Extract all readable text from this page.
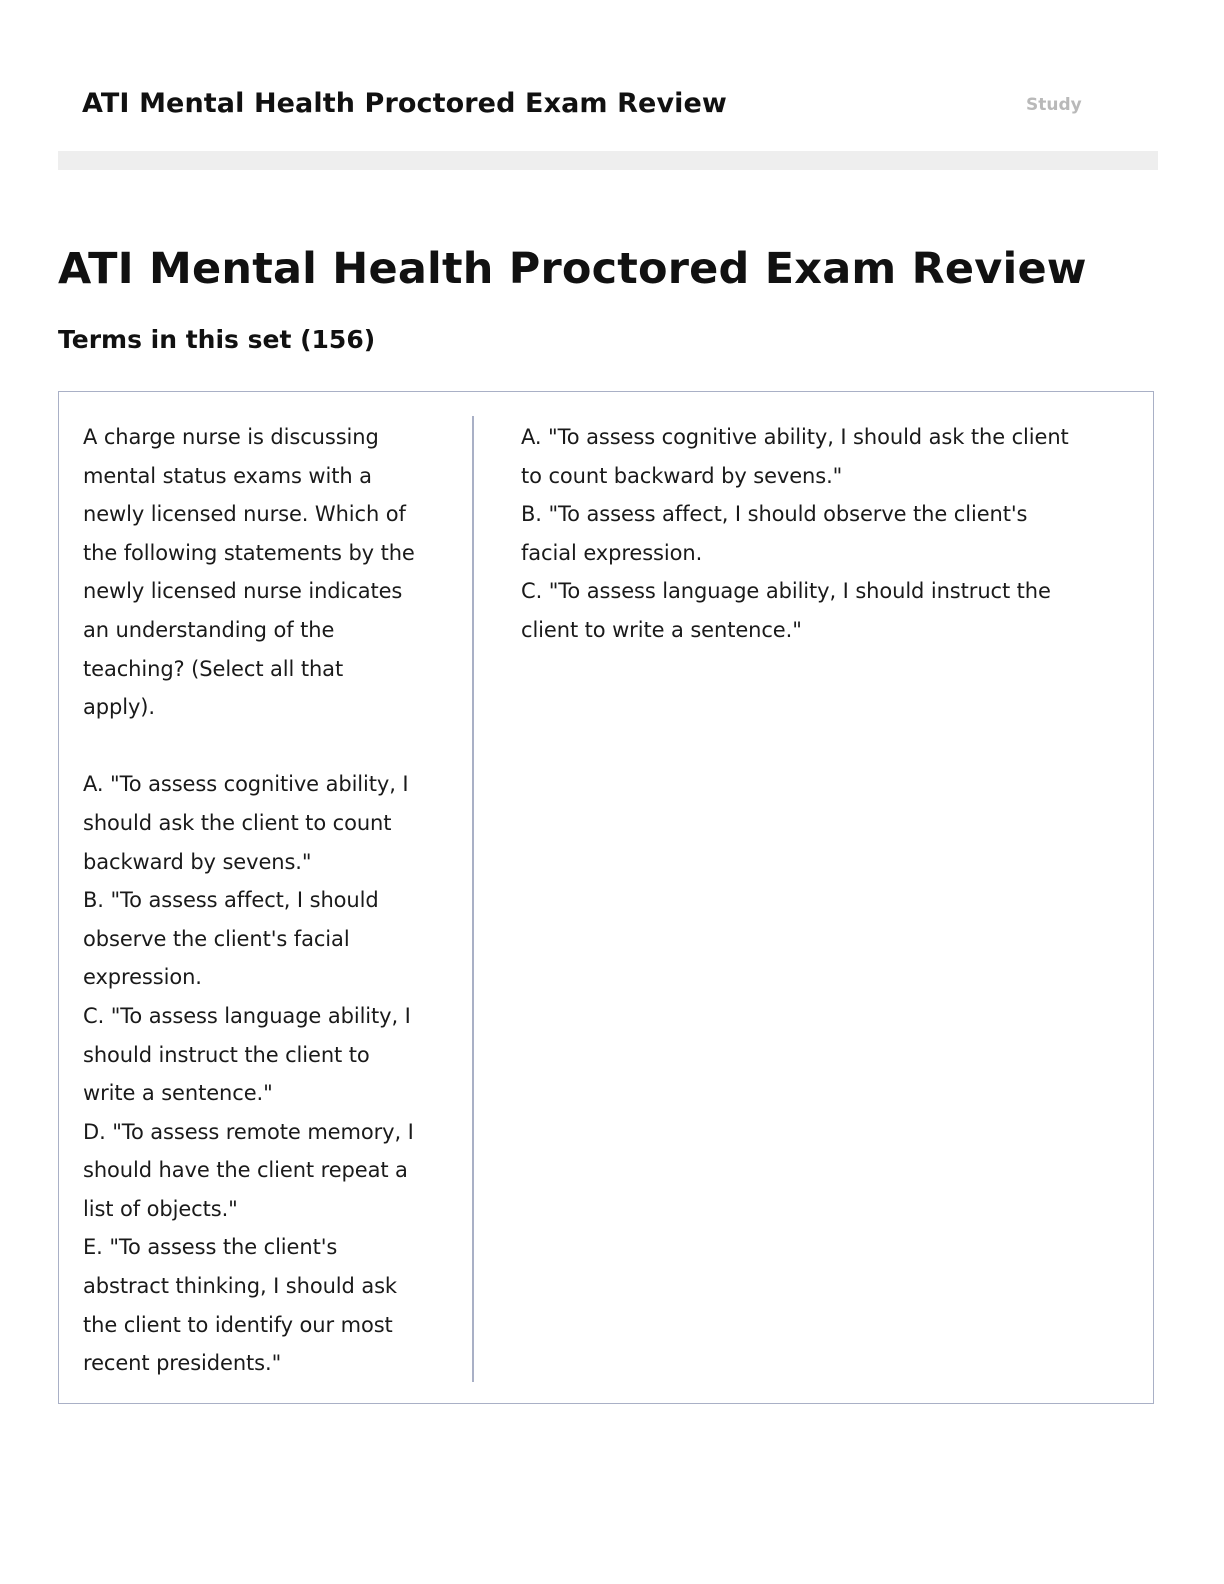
ATI Mental Health Proctored Exam Review	Study
ATI Mental Health Proctored Exam Review
Terms in this set (156)
A charge nurse is discussing
mental status exams with a
newly licensed nurse. Which of
the following statements by the
newly licensed nurse indicates
an understanding of the
teaching? (Select all that
apply).
A. "To assess cognitive ability, I
should ask the client to count
backward by sevens."
B. "To assess affect, I should
observe the client's facial
expression.
C. "To assess language ability, I
should instruct the client to
write a sentence."
D. "To assess remote memory, I
should have the client repeat a
list of objects."
E. "To assess the client's
abstract thinking, I should ask
the client to identify our most
recent presidents."
A. "To assess cognitive ability, I should ask the client
to count backward by sevens."
B. "To assess affect, I should observe the client's
facial expression.
C. "To assess language ability, I should instruct the
client to write a sentence."
